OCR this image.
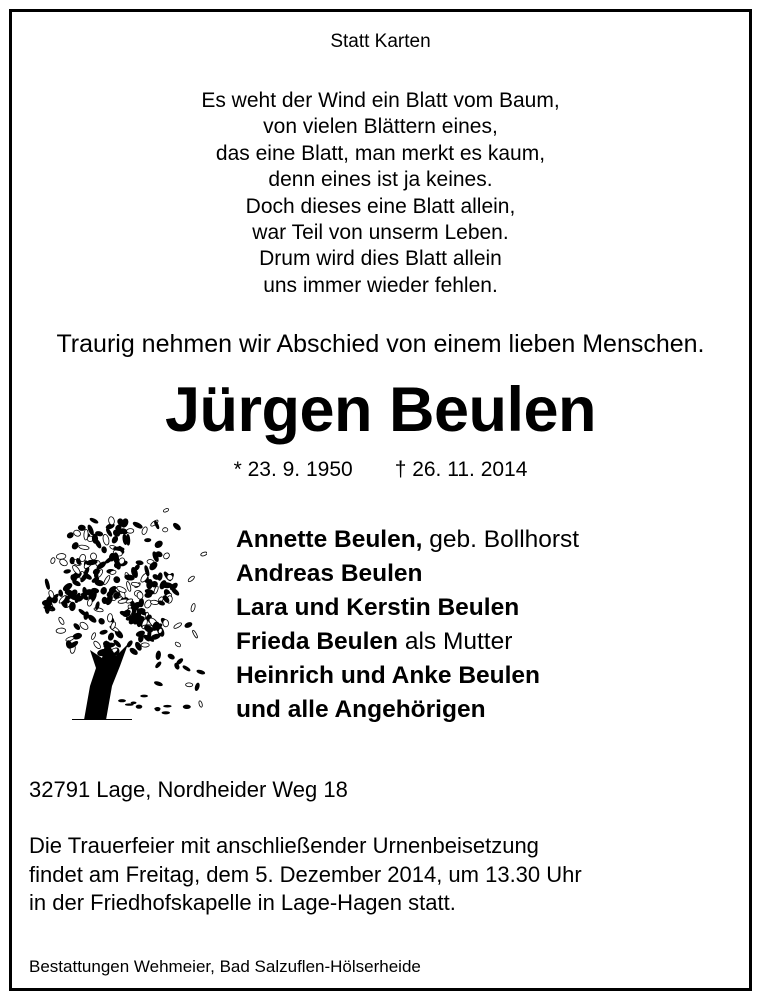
Statt Karten
Es weht der Wind ein Blatt vom Baum,
von vielen Blättern eines,
das eine Blatt, man merkt es kaum,
denn eines ist ja keines.
Doch dieses eine Blatt allein,
war Teil von unserm Leben.
Drum wird dies Blatt allein
uns immer wieder fehlen.
Traurig nehmen wir Abschied von einem lieben Menschen.
Jürgen Beulen
* 23. 9. 1950 † 26. 11. 2014
Annette Beulen, geb. Bollhorst
Andreas Beulen
Lara und Kerstin Beulen
Frieda Beulen als Mutter
Heinrich und Anke Beulen
und alle Angehörigen
32791 Lage, Nordheider Weg 18
Die Trauerfeier mit anschließender Urnenbeisetzung
findet am Freitag, dem 5. Dezember 2014, um 13.30 Uhr
in der Friedhofskapelle in Lage-Hagen statt.
Bestattungen Wehmeier, Bad Salzuflen-Hölserheide
